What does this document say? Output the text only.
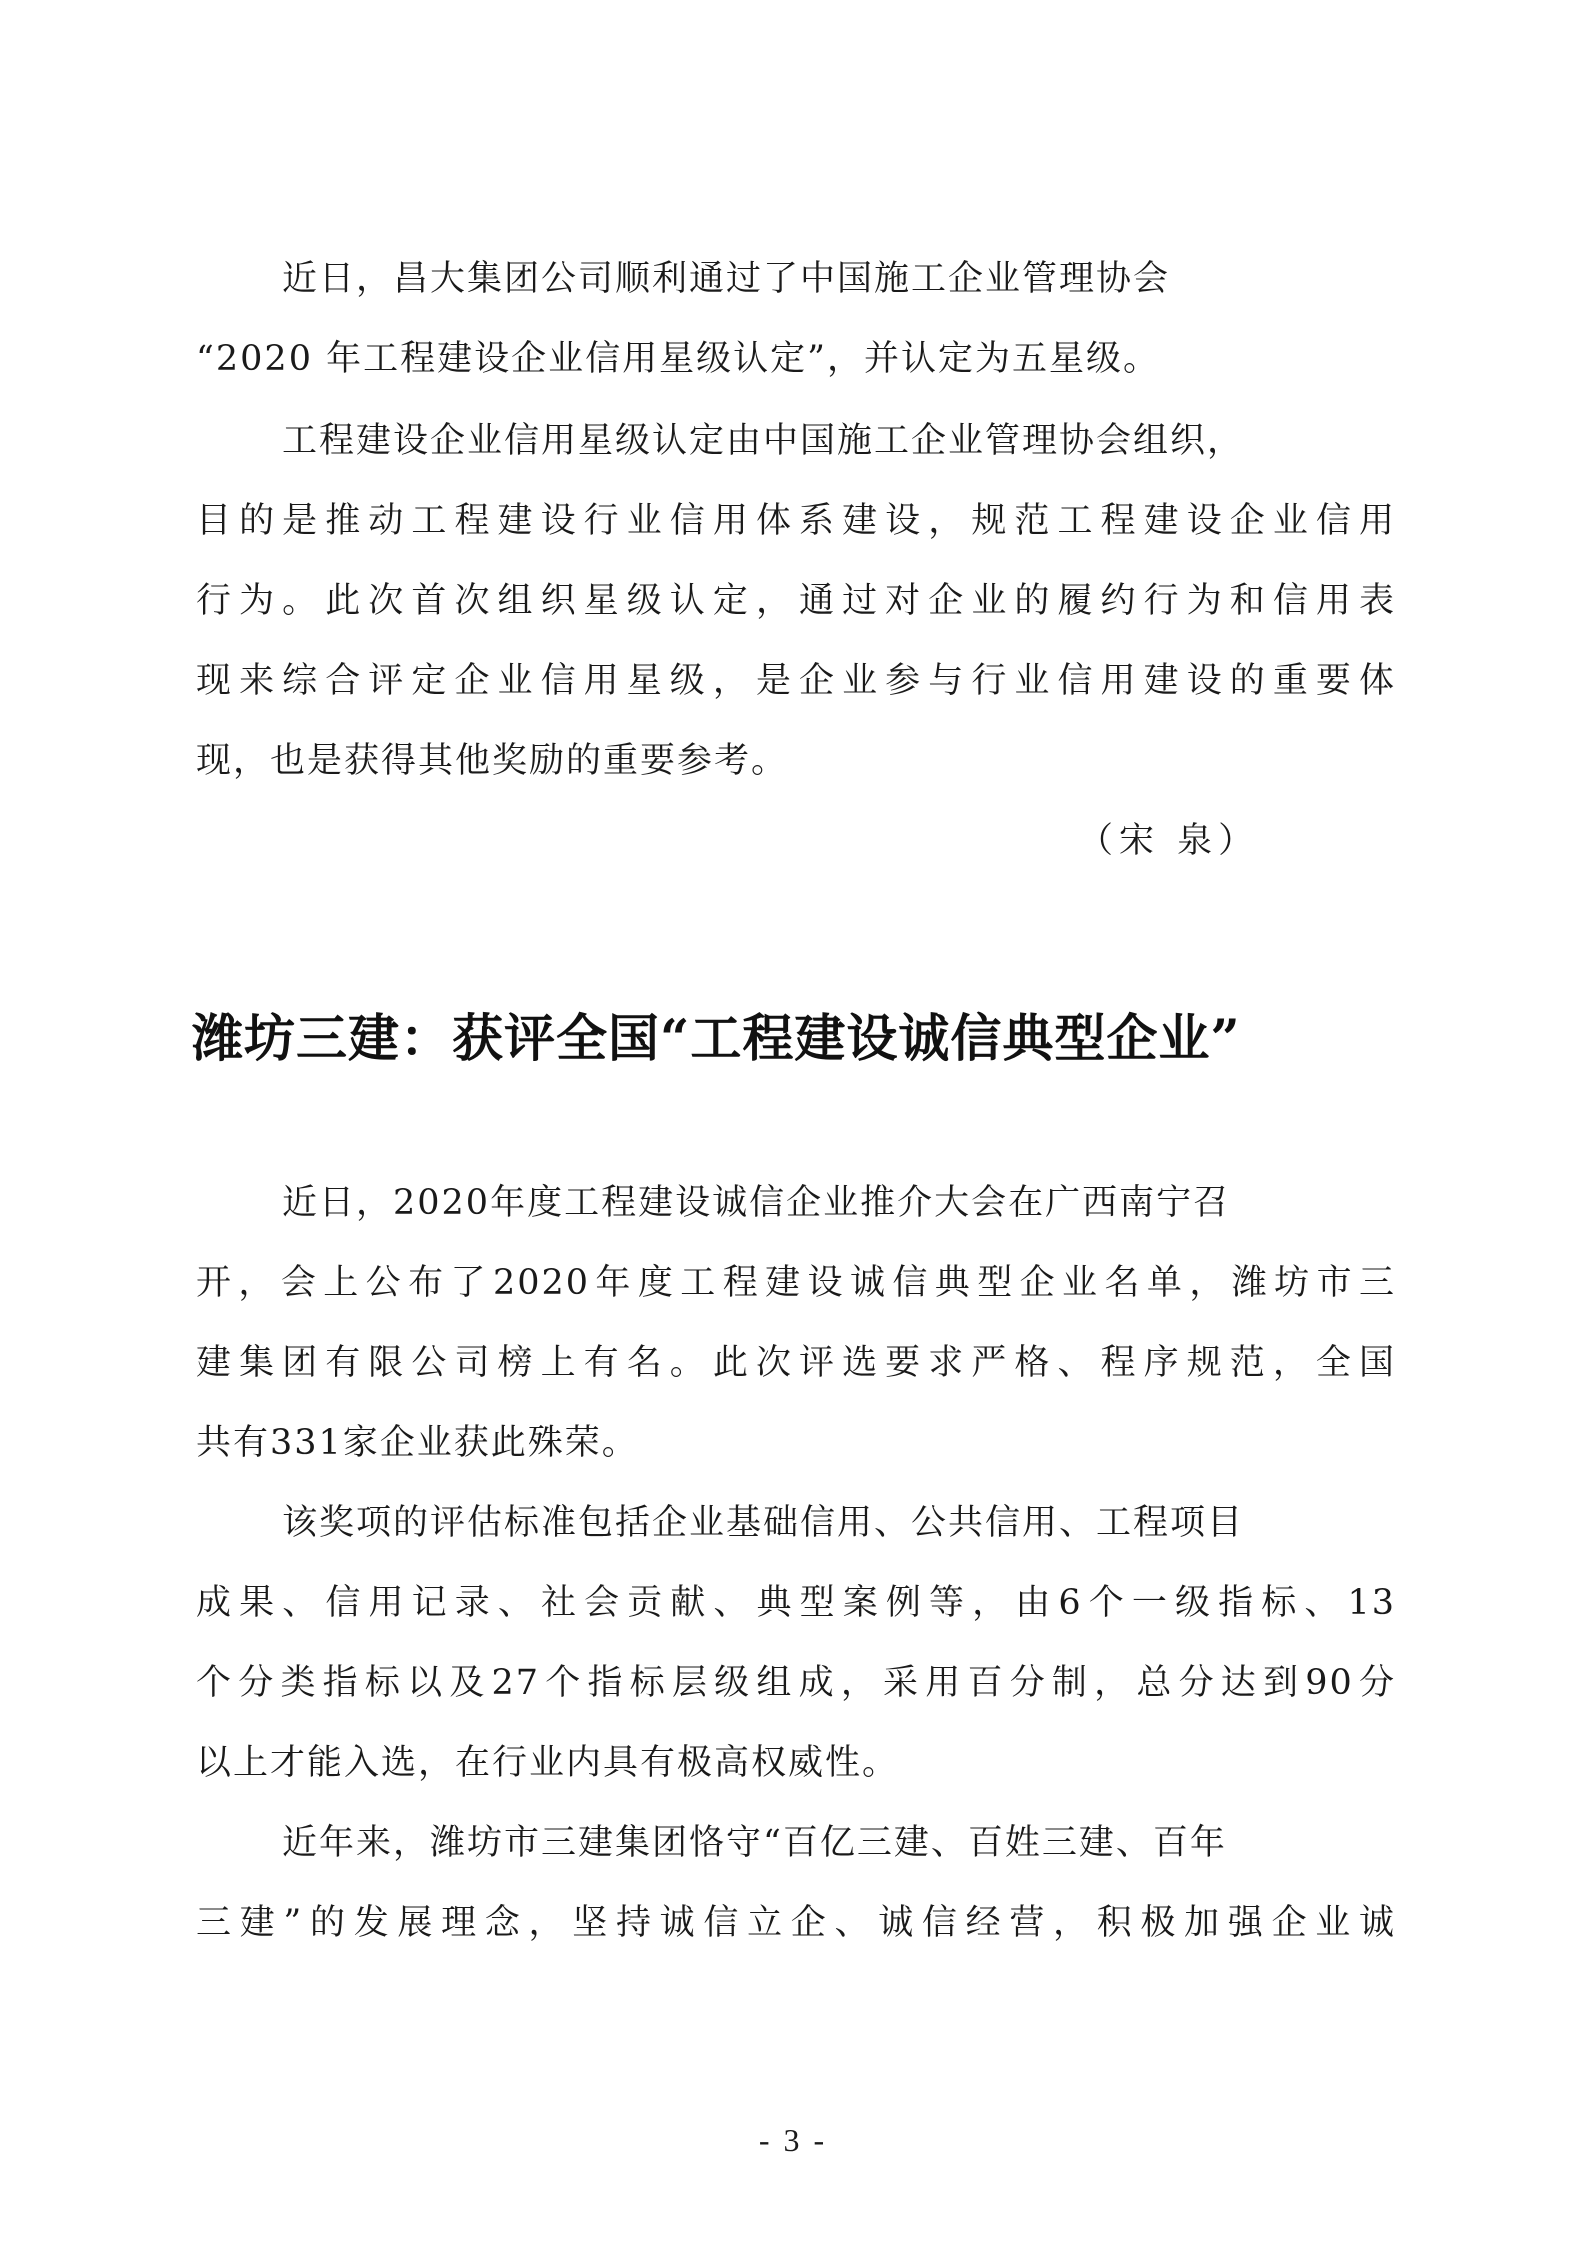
近日，昌大集团公司顺利通过了中国施工企业管理协会
“2020 年工程建设企业信用星级认定”，并认定为五星级。
工程建设企业信用星级认定由中国施工企业管理协会组织，
目的是推动工程建设行业信用体系建设，规范工程建设企业信用
行为。此次首次组织星级认定，通过对企业的履约行为和信用表
现来综合评定企业信用星级，是企业参与行业信用建设的重要体
现，也是获得其他奖励的重要参考。
（宋 泉）
潍坊三建：获评全国“工程建设诚信典型企业”
近日，2020年度工程建设诚信企业推介大会在广西南宁召
开，会上公布了2020年度工程建设诚信典型企业名单，潍坊市三
建集团有限公司榜上有名。此次评选要求严格、程序规范，全国
共有331家企业获此殊荣。
该奖项的评估标准包括企业基础信用、公共信用、工程项目
成果、信用记录、社会贡献、典型案例等，由6个一级指标、13
个分类指标以及27个指标层级组成，采用百分制，总分达到90分
以上才能入选，在行业内具有极高权威性。
近年来，潍坊市三建集团恪守“百亿三建、百姓三建、百年
三建”的发展理念，坚持诚信立企、诚信经营，积极加强企业诚
- 3 -
